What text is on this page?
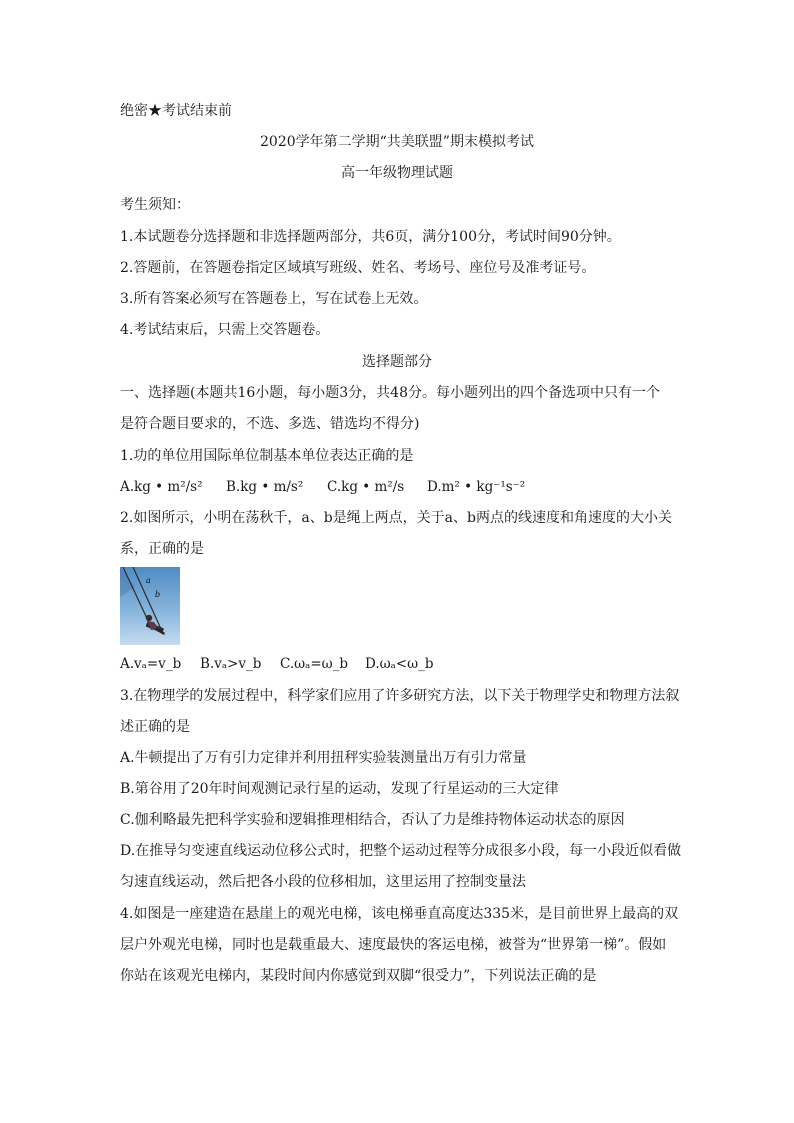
绝密★考试结束前
2020学年第二学期“共美联盟”期末模拟考试
高一年级物理试题
考生须知：
1.本试题卷分选择题和非选择题两部分，共6页，满分100分，考试时间90分钟。
2.答题前，在答题卷指定区域填写班级、姓名、考场号、座位号及准考证号。
3.所有答案必须写在答题卷上，写在试卷上无效。
4.考试结束后，只需上交答题卷。
选择题部分
一、选择题(本题共16小题，每小题3分，共48分。每小题列出的四个备选项中只有一个
是符合题目要求的，不选、多选、错选均不得分)
1.功的单位用国际单位制基本单位表达正确的是
A.kg • m²/s² B.kg • m/s² C.kg • m²/s D.m² • kg⁻¹s⁻²
2.如图所示，小明在荡秋千，a、b是绳上两点，关于a、b两点的线速度和角速度的大小关
系，正确的是
a
b
A.vₐ=v_b B.vₐ>v_b C.ωₐ=ω_b D.ωₐ<ω_b
3.在物理学的发展过程中，科学家们应用了许多研究方法，以下关于物理学史和物理方法叙
述正确的是
A.牛顿提出了万有引力定律并利用扭秤实验装测量出万有引力常量
B.第谷用了20年时间观测记录行星的运动，发现了行星运动的三大定律
C.伽利略最先把科学实验和逻辑推理相结合，否认了力是维持物体运动状态的原因
D.在推导匀变速直线运动位移公式时，把整个运动过程等分成很多小段，每一小段近似看做
匀速直线运动，然后把各小段的位移相加，这里运用了控制变量法
4.如图是一座建造在悬崖上的观光电梯，该电梯垂直高度达335米，是目前世界上最高的双
层户外观光电梯，同时也是载重最大、速度最快的客运电梯，被誉为“世界第一梯”。假如
你站在该观光电梯内，某段时间内你感觉到双脚“很受力”，下列说法正确的是
